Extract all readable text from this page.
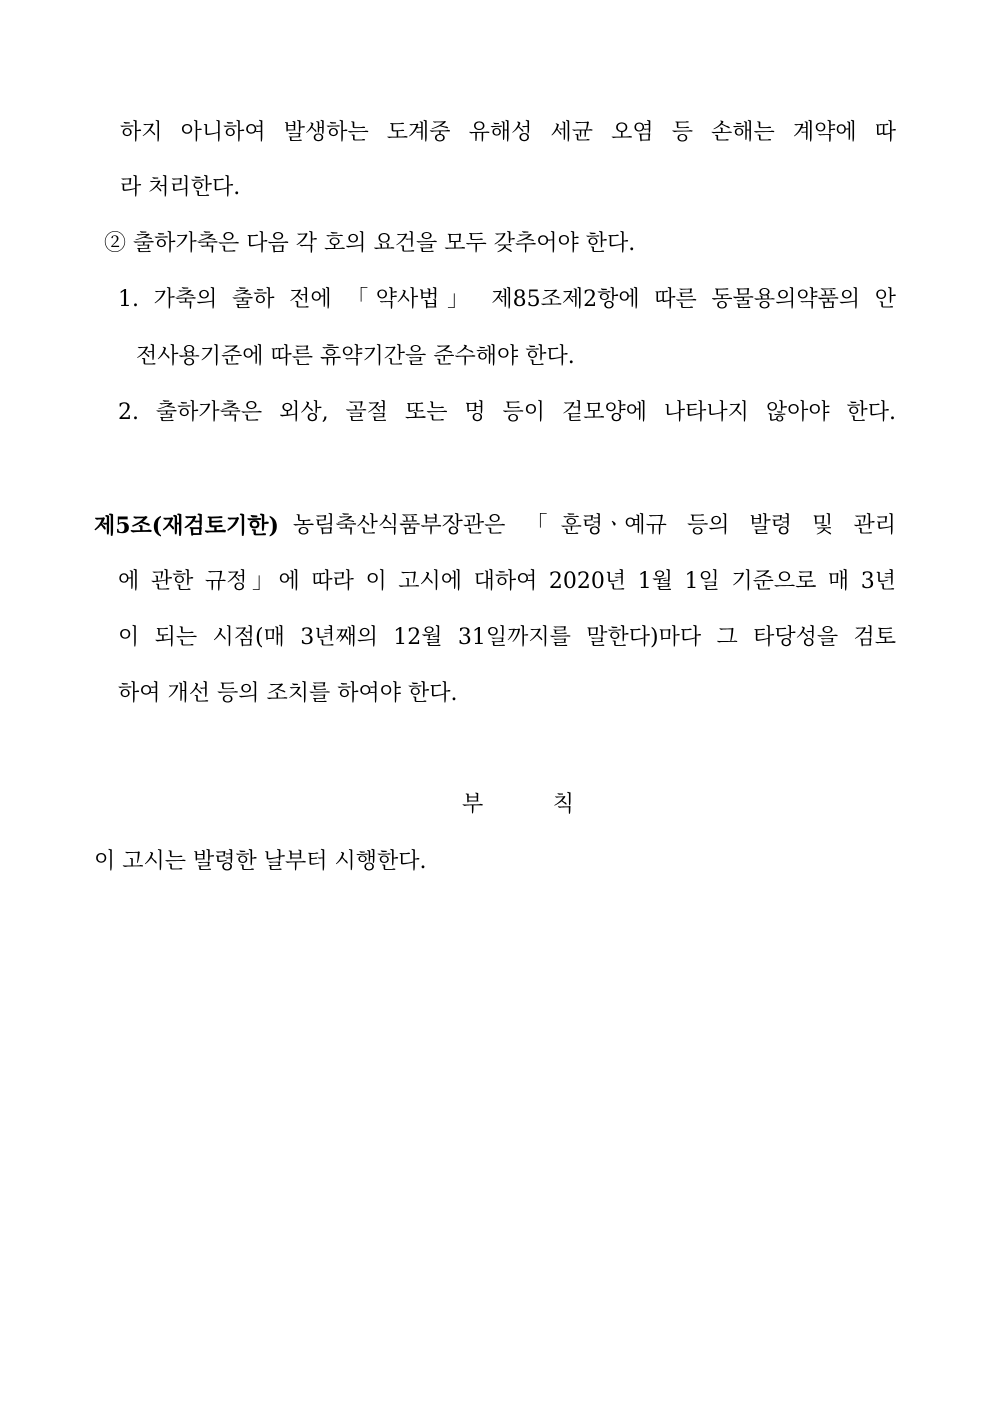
하지 아니하여 발생하는 도계중 유해성 세균 오염 등 손해는 계약에 따
라 처리한다.
② 출하가축은 다음 각 호의 요건을 모두 갖추어야 한다.
1. 가축의 출하 전에 「약사법」 제85조제2항에 따른 동물용의약품의 안
전사용기준에 따른 휴약기간을 준수해야 한다.
2. 출하가축은 외상, 골절 또는 멍 등이 겉모양에 나타나지 않아야 한다.
제5조(재검토기한) 농림축산식품부장관은 「훈령ㆍ예규 등의 발령 및 관리
에 관한 규정」에 따라 이 고시에 대하여 2020년 1월 1일 기준으로 매 3년
이 되는 시점(매 3년째의 12월 31일까지를 말한다)마다 그 타당성을 검토
하여 개선 등의 조치를 하여야 한다.
부	칙
이 고시는 발령한 날부터 시행한다.
